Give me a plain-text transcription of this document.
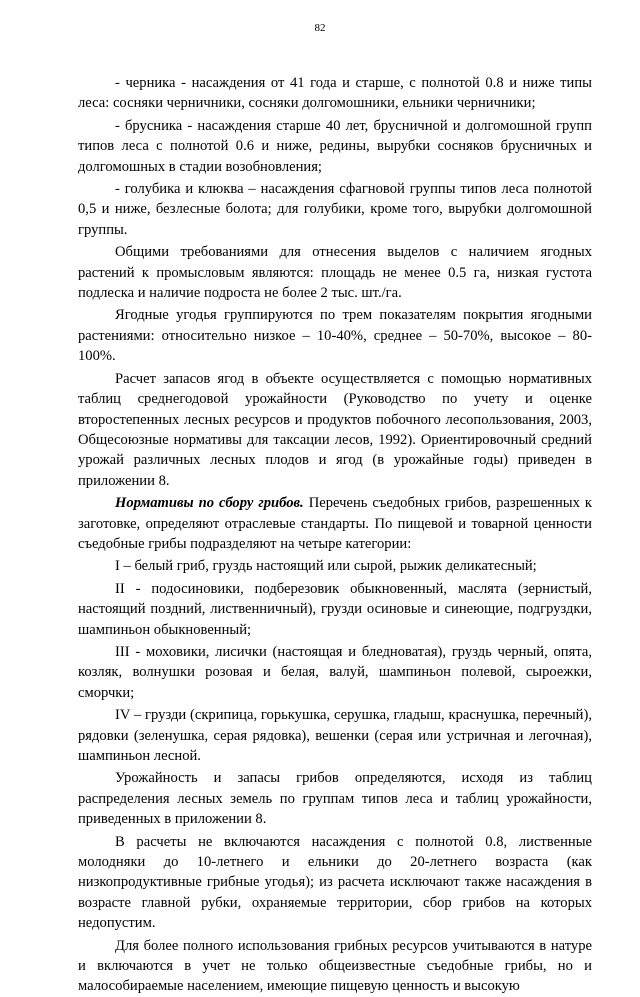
82

- черника - насаждения от 41 года и старше, с полнотой 0.8 и ниже типы леса: сосняки черничники, сосняки долгомошники, ельники черничники;

- брусника - насаждения старше 40 лет, брусничной и долгомошной групп типов леса с полнотой 0.6 и ниже, редины, вырубки сосняков брусничных и долгомошных в стадии возобновления;

- голубика и клюква – насаждения сфагновой группы типов леса полнотой 0,5 и ниже, безлесные болота; для голубики, кроме того, вырубки долгомошной группы.

Общими требованиями для отнесения выделов с наличием ягодных растений к промысловым являются: площадь не менее 0.5 га, низкая густота подлеска и наличие подроста не более 2 тыс. шт./га.

Ягодные угодья группируются по трем показателям покрытия ягодными растениями: относительно низкое – 10-40%, среднее – 50-70%, высокое – 80-100%.

Расчет запасов ягод в объекте осуществляется с помощью нормативных таблиц среднегодовой урожайности (Руководство по учету и оценке второстепенных лесных ресурсов и продуктов побочного лесопользования, 2003, Общесоюзные нормативы для таксации лесов, 1992). Ориентировочный средний урожай различных лесных плодов и ягод (в урожайные годы) приведен в приложении 8.

Нормативы по сбору грибов. Перечень съедобных грибов, разрешенных к заготовке, определяют отраслевые стандарты. По пищевой и товарной ценности съедобные грибы подразделяют на четыре категории:

I – белый гриб, груздь настоящий или сырой, рыжик деликатесный;

II - подосиновики, подберезовик обыкновенный, маслята (зернистый, настоящий поздний, лиственничный), грузди осиновые и синеющие, подгруздки, шампиньон обыкновенный;

III - моховики, лисички (настоящая и бледноватая), груздь черный, опята, козляк, волнушки розовая и белая, валуй, шампиньон полевой, сыроежки, сморчки;

IV – грузди (скрипица, горькушка, серушка, гладыш, краснушка, перечный), рядовки (зеленушка, серая рядовка), вешенки (серая или устричная и легочная), шампиньон лесной.

Урожайность и запасы грибов определяются, исходя из таблиц распределения лесных земель по группам типов леса и таблиц урожайности, приведенных в приложении 8.

В расчеты не включаются насаждения с полнотой 0.8, лиственные молодняки до 10-летнего и ельники до 20-летнего возраста (как низкопродуктивные грибные угодья); из расчета исключают также насаждения в возрасте главной рубки, охраняемые территории, сбор грибов на которых недопустим.

Для более полного использования грибных ресурсов учитываются в натуре и включаются в учет не только общеизвестные съедобные грибы, но и малособираемые населением, имеющие пищевую ценность и высокую
